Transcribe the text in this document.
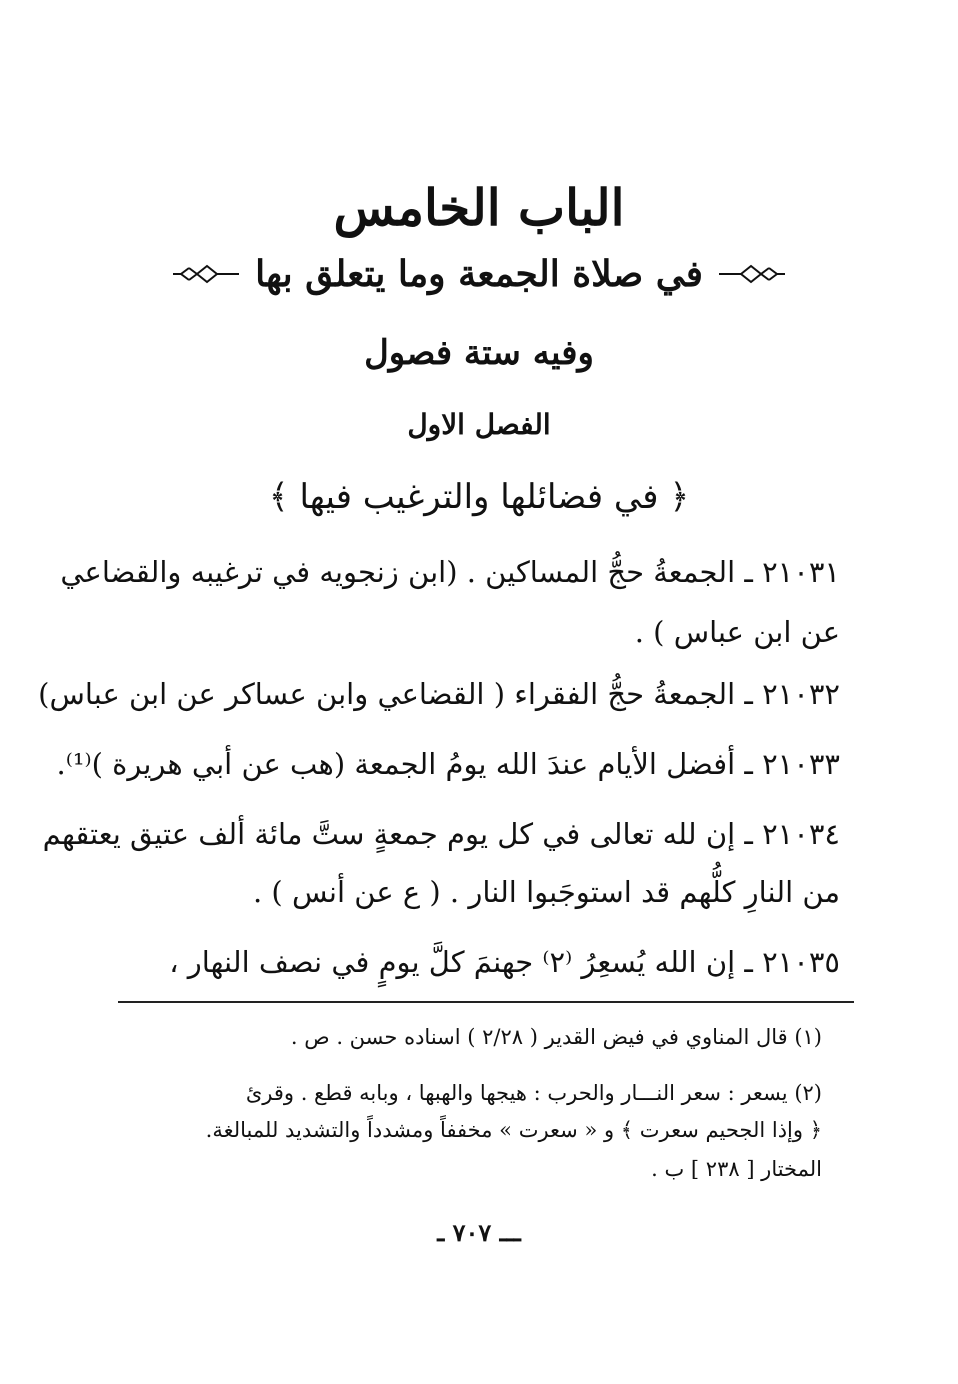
الباب الخامس
في صلاة الجمعة وما يتعلق بها
وفيه ستة فصول
الفصل الاول
﴿ في فضائلها والترغيب فيها ﴾
٢١٠٣١ ـ الجمعةُ حجُّ المساكين . (ابن زنجويه في ترغيبه والقضاعي
عن ابن عباس ) .
٢١٠٣٢ ـ الجمعةُ حجُّ الفقراء ( القضاعي وابن عساكر عن ابن عباس)
٢١٠٣٣ ـ أفضل الأيام عندَ الله يومُ الجمعة (هب عن أبي هريرة )⁽¹⁾.
٢١٠٣٤ ـ إن لله تعالى في كل يوم جمعةٍ ستَّ مائة ألف عتيق يعتقهم
من النارِ كلُّهم قد استوجَبوا النار . ( ع عن أنس ) .
٢١٠٣٥ ـ إن الله يُسعِرُ ⁽٢⁾ جهنمَ كلَّ يومٍ في نصف النهار ،
(١) قال المناوي في فيض القدير ( ٢/٢٨ ) اسناده حسن . ص .
(٢) يسعر : سعر النـــار والحرب : هيجها والهبها ، وبابه قطع . وقرئ
﴿ وإذا الجحيم سعرت ﴾ و « سعرت » مخففاً ومشدداً والتشديد للمبالغة.
المختار [ ٢٣٨ ] ب .
ـــ ٧٠٧ ـ
